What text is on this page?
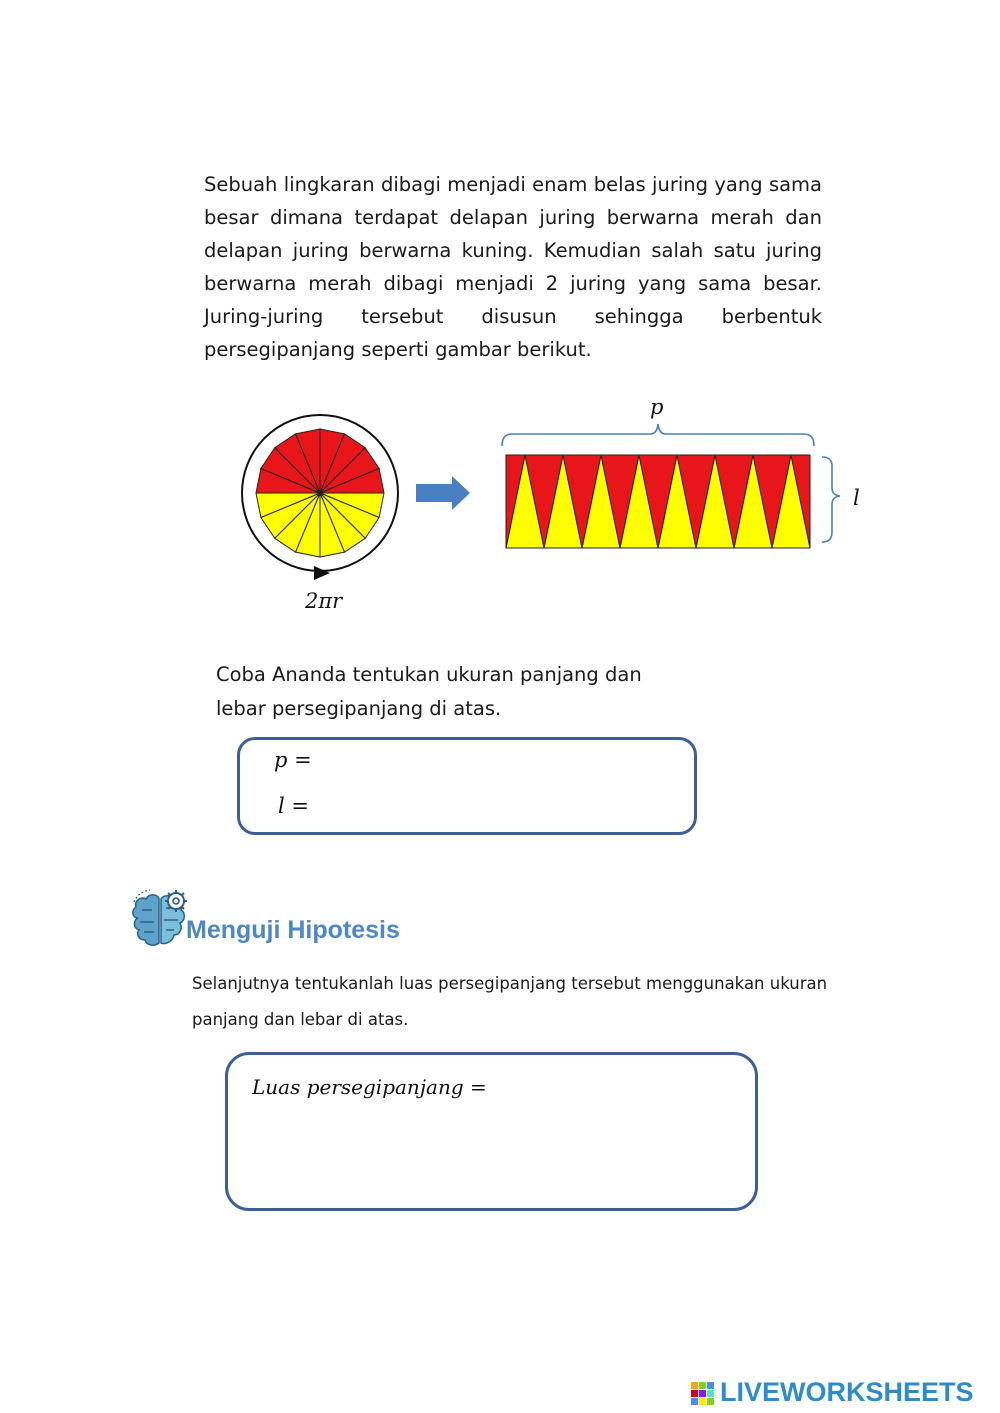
Sebuah lingkaran dibagi menjadi enam belas juring yang sama besar dimana terdapat delapan juring berwarna merah dan delapan juring berwarna kuning. Kemudian salah satu juring berwarna merah dibagi menjadi 2 juring yang sama besar. Juring-juring tersebut disusun sehingga berbentuk persegipanjang seperti gambar berikut.

2πr
p
l

Coba Ananda tentukan ukuran panjang dan lebar persegipanjang di atas.

p =
l =
Menguji Hipotesis

Selanjutnya tentukanlah luas persegipanjang tersebut menggunakan ukuran panjang dan lebar di atas.

Luas persegipanjang =
LIVEWORKSHEETS
